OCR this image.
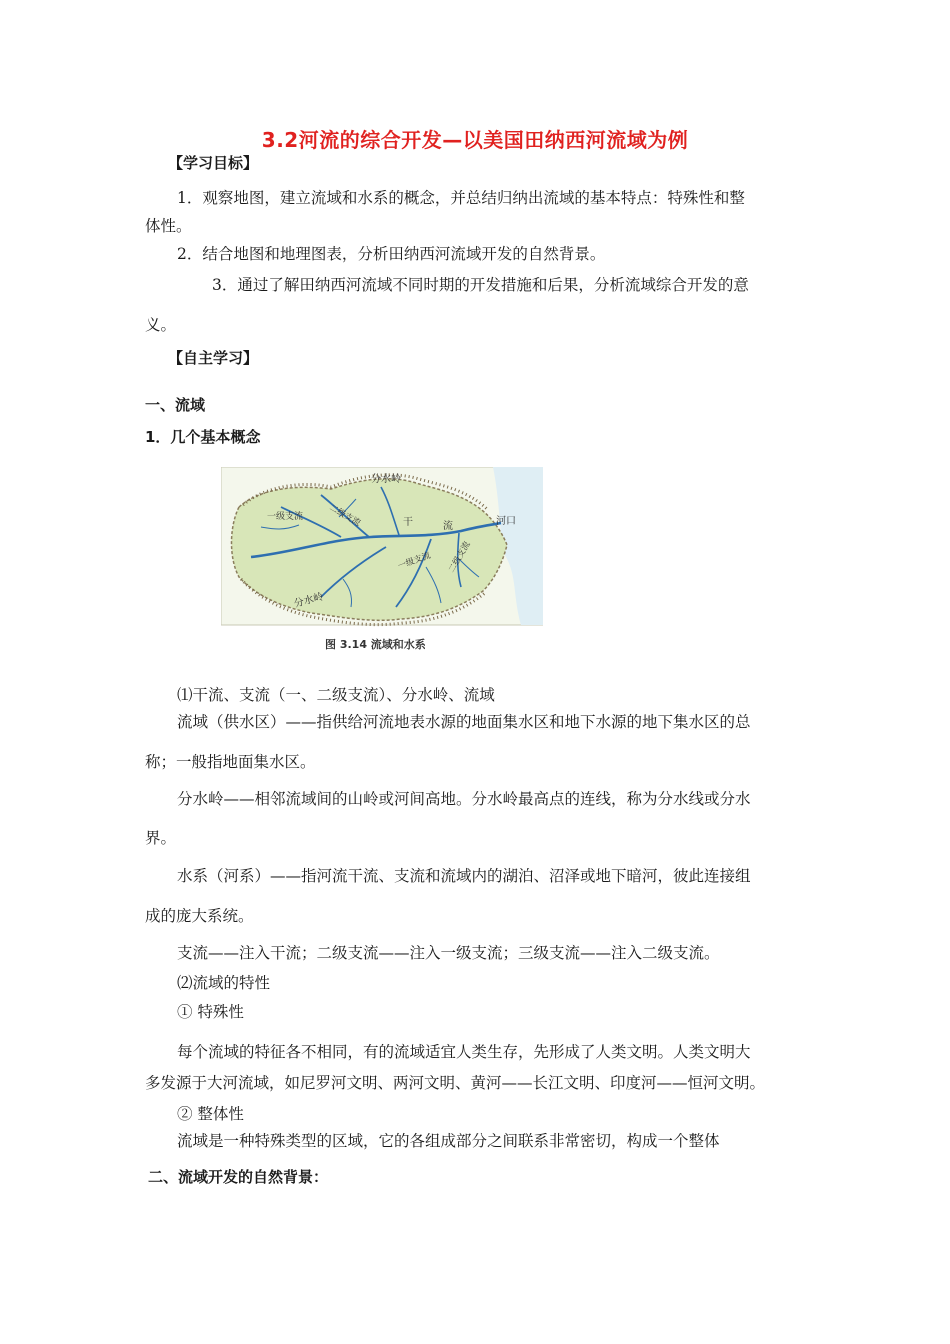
3.2河流的综合开发—以美国田纳西河流域为例
【学习目标】
1．观察地图，建立流域和水系的概念，并总结归纳出流域的基本特点：特殊性和整
体性。
2．结合地图和地理图表，分析田纳西河流域开发的自然背景。
3．通过了解田纳西河流域不同时期的开发措施和后果，分析流域综合开发的意
义。
【自主学习】
一、流域
1．几个基本概念
分水岭
一级支流	二级支流	干	流	河口
一级支流 二级支流
分水岭
图 3.14 流域和水系
⑴干流、支流（一、二级支流）、分水岭、流域
流域（供水区）——指供给河流地表水源的地面集水区和地下水源的地下集水区的总
称；一般指地面集水区。
分水岭——相邻流域间的山岭或河间高地。分水岭最高点的连线，称为分水线或分水
界。
水系（河系）——指河流干流、支流和流域内的湖泊、沼泽或地下暗河，彼此连接组
成的庞大系统。
支流——注入干流；二级支流——注入一级支流；三级支流——注入二级支流。
⑵流域的特性
① 特殊性
每个流域的特征各不相同，有的流域适宜人类生存，先形成了人类文明。人类文明大
多发源于大河流域，如尼罗河文明、两河文明、黄河——长江文明、印度河——恒河文明。
② 整体性
流域是一种特殊类型的区域，它的各组成部分之间联系非常密切，构成一个整体
二、流域开发的自然背景：
